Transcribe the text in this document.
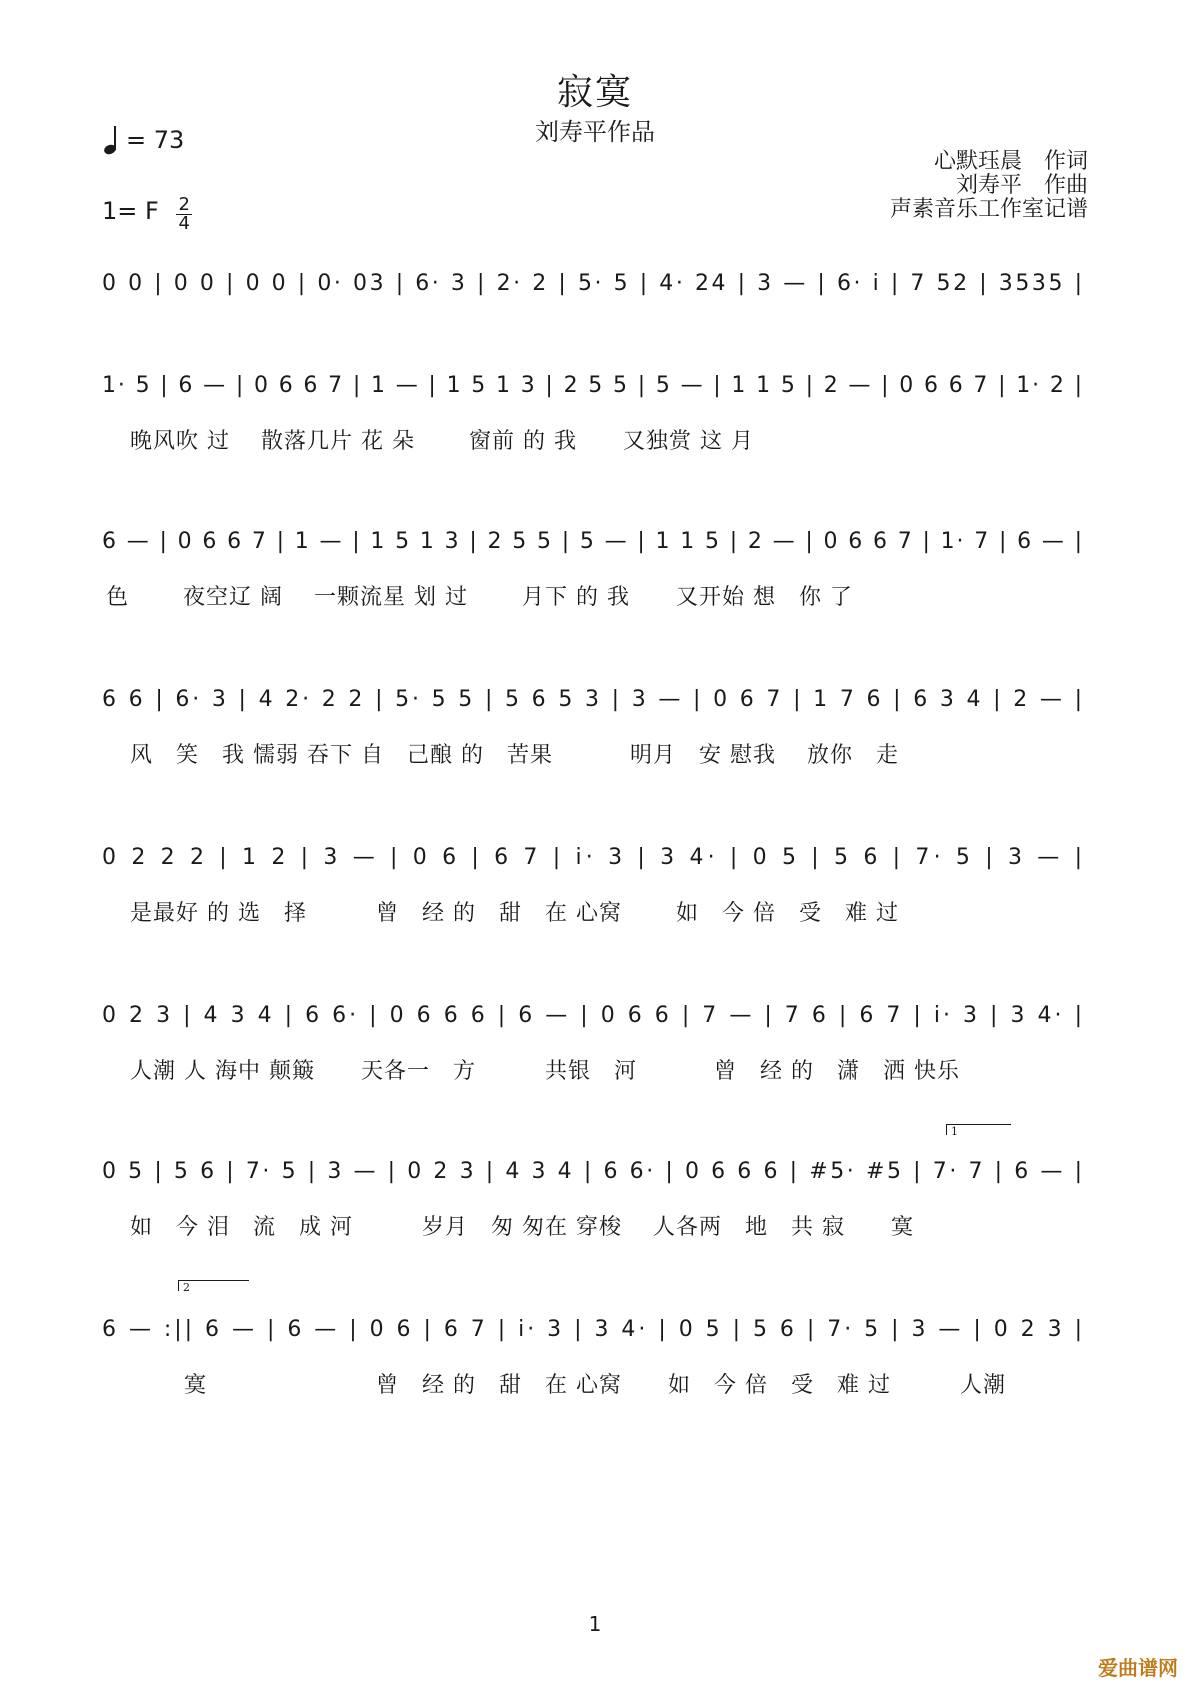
寂寞
刘寿平作品
= 73
1= F $\frac{2}{4}$
心默珏晨　作词
刘寿平　作曲
声素音乐工作室记谱
0 0 | 0 0 | 0 0 | 0· 03 | 6· 3 | 2· 2 | 5· 5 | 4· 24 | 3 — | 6· i | 7 52 | 3535 |
1· 5 | 6 — | 0 6 6 7 | 1 — | 1 5 1 3 | 2 5 5 | 5 — | 1 1 5 | 2 — | 0 6 6 7 | 1· 2 |
晚风吹 过　 散落几片 花 朵　　 窗前 的 我　　又独赏 这 月
6 — | 0 6 6 7 | 1 — | 1 5 1 3 | 2 5 5 | 5 — | 1 1 5 | 2 — | 0 6 6 7 | 1· 7 | 6 — |
色　　 夜空辽 阔　 一颗流星 划 过　　 月下 的 我　　又开始 想　你 了
6 6 | 6· 3 | 4 2· 2 2 | 5· 5 5 | 5 6 5 3 | 3 — | 0 6 7 | 1 7 6 | 6 3 4 | 2 — |
风　笑　我 懦弱 吞下 自　己酿 的　苦果　　　 明月　安 慰我　 放你　走
0 2 2 2 | 1 2 | 3 — | 0 6 | 6 7 | i· 3 | 3 4· | 0 5 | 5 6 | 7· 5 | 3 — |
是最好 的 选　择　　　曾　经 的　甜　在 心窝　　 如　今 倍　受　难 过
0 2 3 | 4 3 4 | 6 6· | 0 6 6 6 | 6 — | 0 6 6 | 7 — | 7 6 | 6 7 | i· 3 | 3 4· |
人潮 人 海中 颠簸　　天各一　方　　　共银　河　　　 曾　经 的　潇　洒 快乐
0 5 | 5 6 | 7· 5 | 3 — | 0 2 3 | 4 3 4 | 6 6· | 0 6 6 6 | #5· #5 | 7· 7 | 6 — |
如　今 泪　流　成 河　　　岁月　匆 匆在 穿梭　 人各两　地　共 寂　　寞
6 — :|| 6 — | 6 — | 0 6 | 6 7 | i· 3 | 3 4· | 0 5 | 5 6 | 7· 5 | 3 — | 0 2 3 |
　　 寞　　　　　　　 曾　经 的　甜　在 心窝　　如　今 倍　受　难 过　　　人潮
1
爱曲谱网
1
2
